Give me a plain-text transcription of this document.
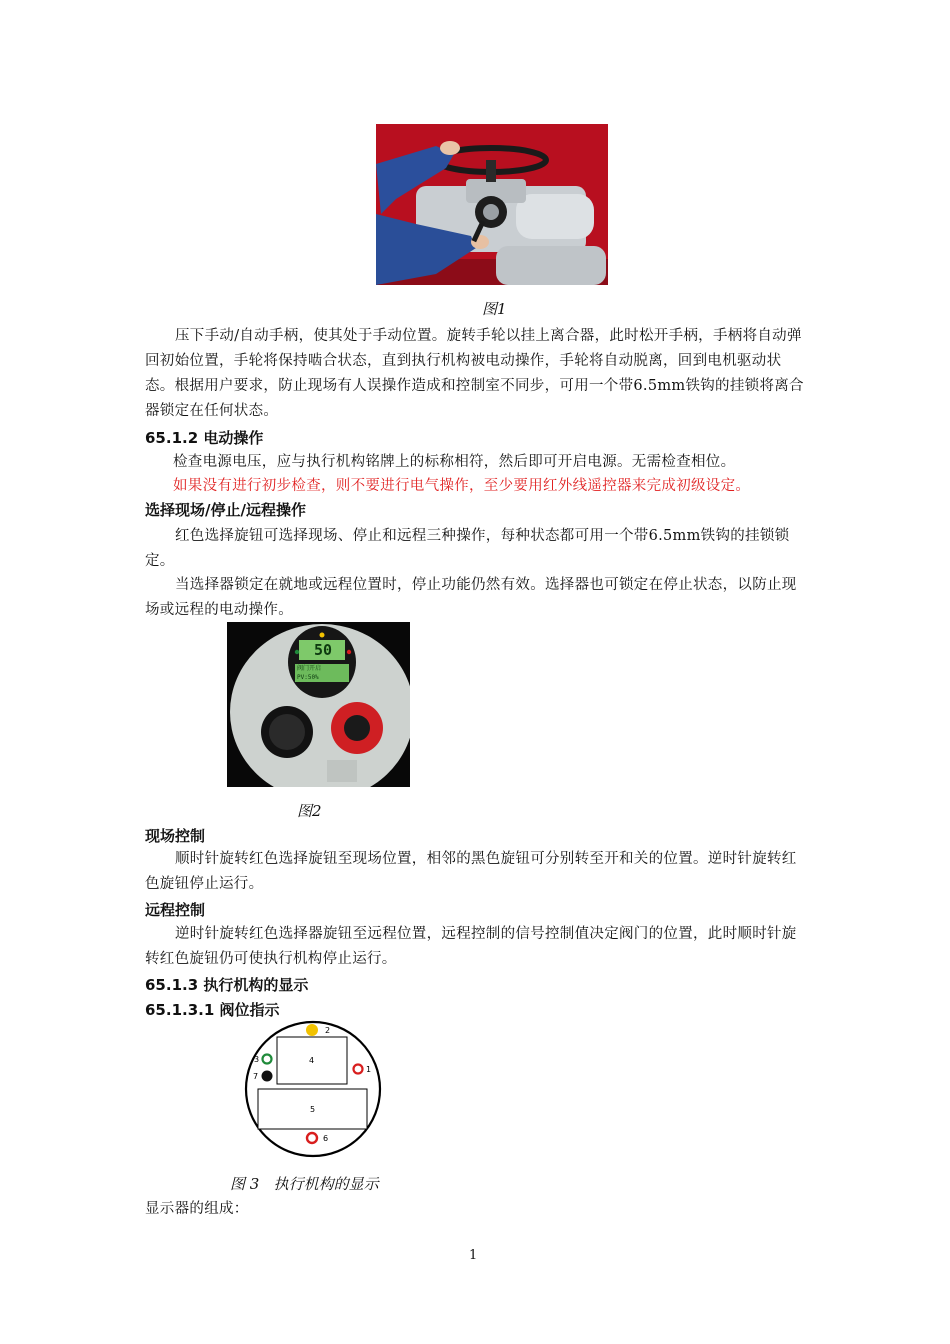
图1

压下手动/自动手柄，使其处于手动位置。旋转手轮以挂上离合器，此时松开手柄，手柄将自动弹回初始位置，手轮将保持啮合状态，直到执行机构被电动操作，手轮将自动脱离，回到电机驱动状态。根据用户要求，防止现场有人误操作造成和控制室不同步，可用一个带6.5mm铁钩的挂锁将离合器锁定在任何状态。

65.1.2 电动操作

检查电源电压，应与执行机构铭牌上的标称相符，然后即可开启电源。无需检查相位。

如果没有进行初步检查，则不要进行电气操作，至少要用红外线遥控器来完成初级设定。

选择现场/停止/远程操作

红色选择旋钮可选择现场、停止和远程三种操作，每种状态都可用一个带6.5mm铁钩的挂锁锁定。

当选择器锁定在就地或远程位置时，停止功能仍然有效。选择器也可锁定在停止状态，以防止现场或远程的电动操作。

50
阀门开启
PV:50%
图2
现场控制

顺时针旋转红色选择旋钮至现场位置，相邻的黑色旋钮可分别转至开和关的位置。逆时针旋转红色旋钮停止运行。

远程控制

逆时针旋转红色选择器旋钮至远程位置，远程控制的信号控制值决定阀门的位置，此时顺时针旋转红色旋钮仍可使执行机构停止运行。

65.1.3 执行机构的显示
65.1.3.1 阀位指示
2
3
7
4
1
5
6
图 3   执行机构的显示

显示器的组成：

1
